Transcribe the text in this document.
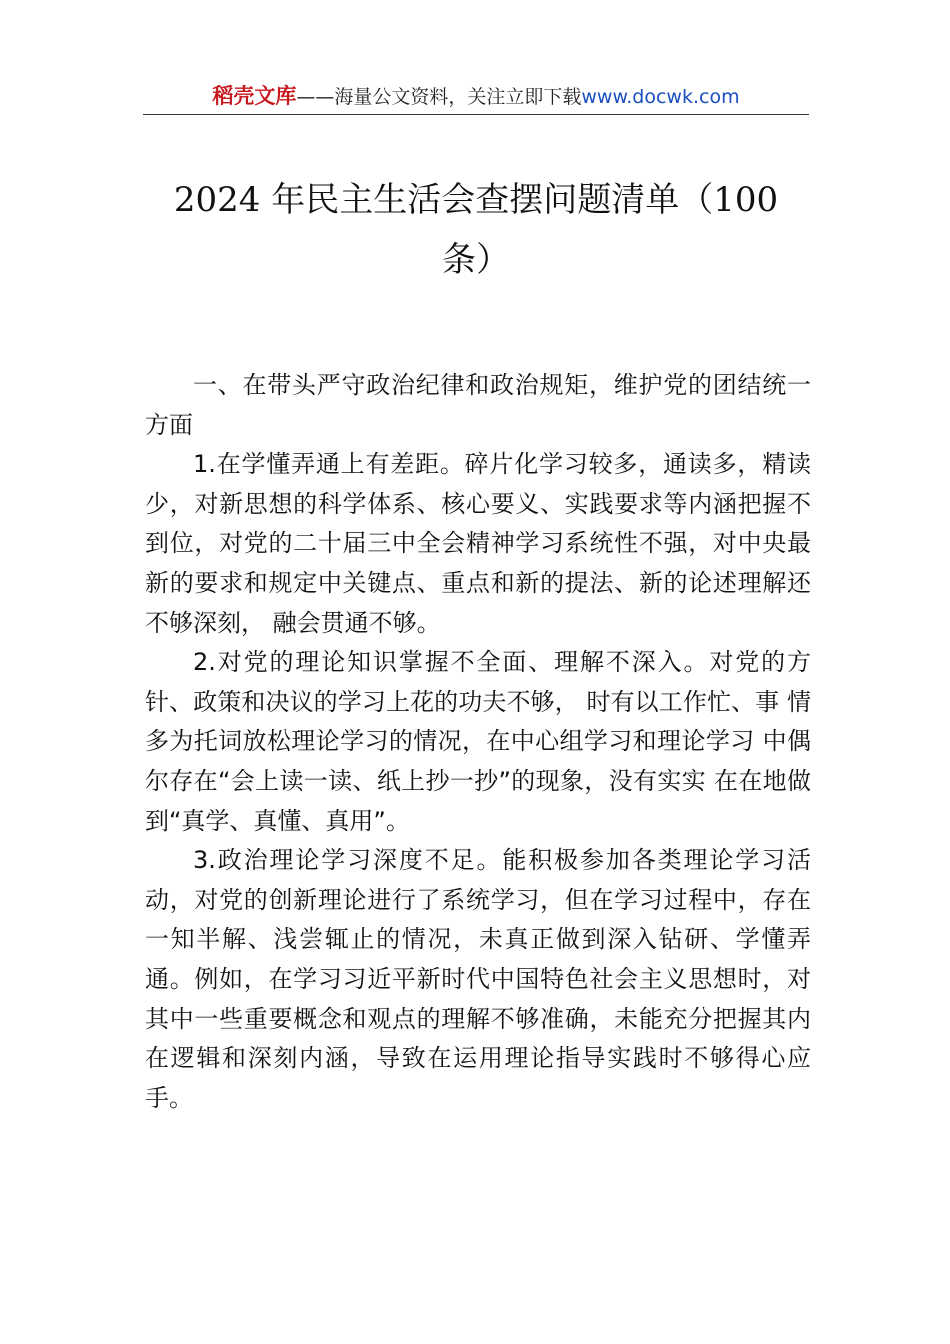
稻壳文库——海量公文资料，关注立即下载www.docwk.com
2024 年民主生活会查摆问题清单（100 条）

一、在带头严守政治纪律和政治规矩，维护党的团结统一方面

1.在学懂弄通上有差距。碎片化学习较多，通读多，精读少，对新思想的科学体系、核心要义、实践要求等内涵把握不到位，对党的二十届三中全会精神学习系统性不强，对中央最新的要求和规定中关键点、重点和新的提法、新的论述理解还不够深刻， 融会贯通不够。

2.对党的理论知识掌握不全面、理解不深入。对党的方针、政策和决议的学习上花的功夫不够， 时有以工作忙、事 情多为托词放松理论学习的情况，在中心组学习和理论学习 中偶尔存在“会上读一读、纸上抄一抄”的现象，没有实实 在在地做到“真学、真懂、真用”。

3.政治理论学习深度不足。能积极参加各类理论学习活动，对党的创新理论进行了系统学习，但在学习过程中，存在一知半解、浅尝辄止的情况，未真正做到深入钻研、学懂弄通。例如，在学习习近平新时代中国特色社会主义思想时，对其中一些重要概念和观点的理解不够准确，未能充分把握其内在逻辑和深刻内涵，导致在运用理论指导实践时不够得心应手。
